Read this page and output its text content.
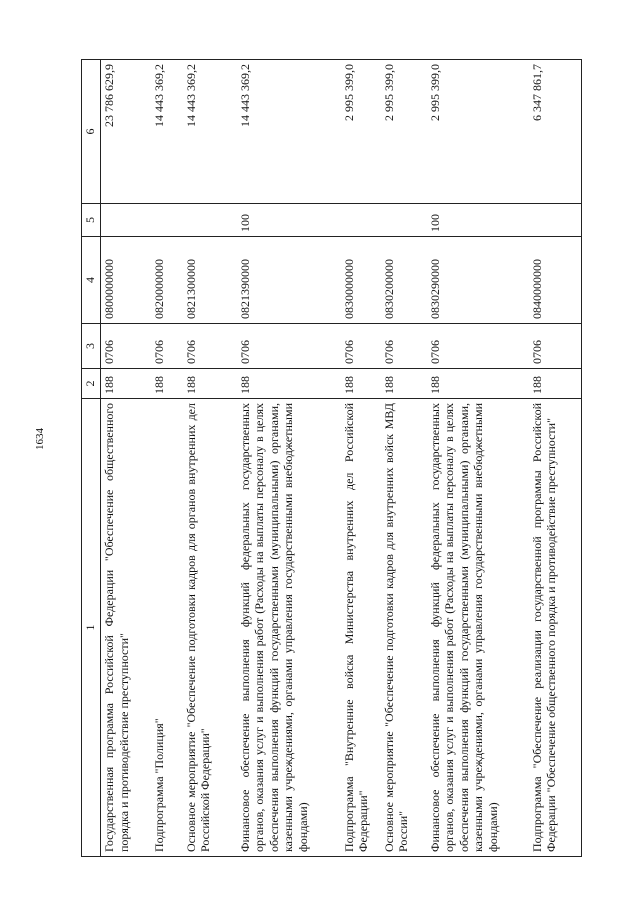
1634
1	2	3	4	5	6
Государственная программа Российской Федерации "Обеспечение общественного порядка и противодействие преступности"	188	0706	0800000000		23 786 629,9
Подпрограмма "Полиция"	188	0706	0820000000		14 443 369,2
Основное мероприятие "Обеспечение подготовки кадров для органов внутренних дел Российской Федерации"	188	0706	0821300000		14 443 369,2
Финансовое обеспечение выполнения функций федеральных государственных органов, оказания услуг и выполнения работ (Расходы на выплаты персоналу в целях обеспечения выполнения функций государственными (муниципальными) органами, казенными учреждениями, органами управления государственными внебюджетными фондами)	188	0706	0821390000	100	14 443 369,2
Подпрограмма "Внутренние войска Министерства внутренних дел Российской Федерации"	188	0706	0830000000		2 995 399,0
Основное мероприятие "Обеспечение подготовки кадров для внутренних войск МВД России"	188	0706	0830200000		2 995 399,0
Финансовое обеспечение выполнения функций федеральных государственных органов, оказания услуг и выполнения работ (Расходы на выплаты персоналу в целях обеспечения выполнения функций государственными (муниципальными) органами, казенными учреждениями, органами управления государственными внебюджетными фондами)	188	0706	0830290000	100	2 995 399,0
Подпрограмма "Обеспечение реализации государственной программы Российской Федерации "Обеспечение общественного порядка и противодействие преступности"	188	0706	0840000000		6 347 861,7
